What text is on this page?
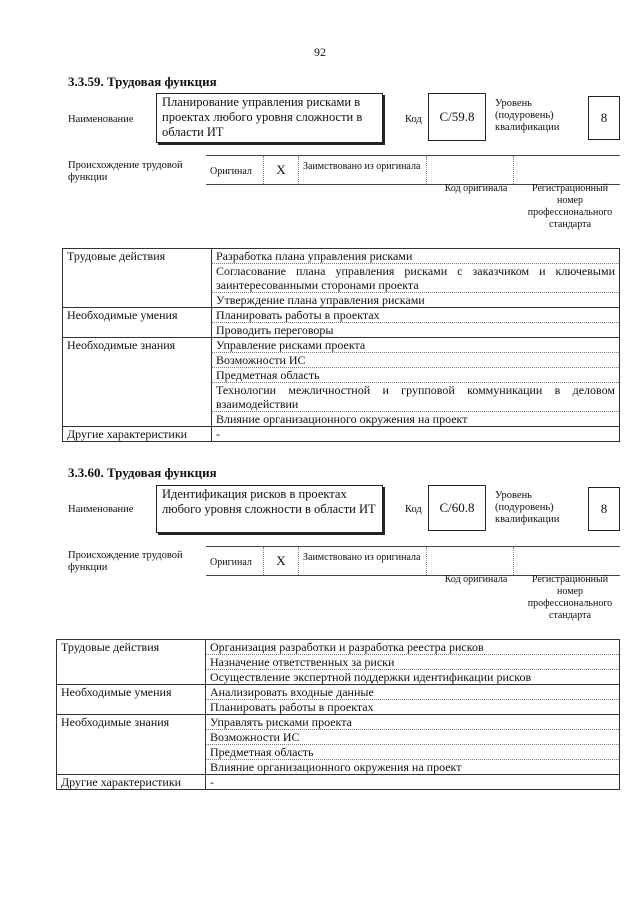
92
3.3.59. Трудовая функция
Наименование
Планирование управления рисками в проектах любого уровня сложности в области ИТ
Код	C/59.8
Уровень (подуровень) квалификации
8
Происхождение трудовой функции
Оригинал	X	Заимствовано из оригинала
Код оригинала	Регистрационный номер профессионального стандарта
Трудовые действия	Разработка плана управления рисками
	Согласование плана управления рисками с заказчиком и ключевыми заинтересованными сторонами проекта
	Утверждение плана управления рисками
Необходимые умения	Планировать работы в проектах
	Проводить переговоры
Необходимые знания	Управление рисками проекта
	Возможности ИС
	Предметная область
	Технологии межличностной и групповой коммуникации в деловом взаимодействии
	Влияние организационного окружения на проект
Другие характеристики	-
3.3.60. Трудовая функция
Наименование
Идентификация рисков в проектах любого уровня сложности в области ИТ	Код	C/60.8
Уровень (подуровень) квалификации
8
Происхождение трудовой функции	Оригинал	X	Заимствовано из оригинала
Код оригинала	Регистрационный номер профессионального стандарта
Трудовые действия	Организация разработки и разработка реестра рисков
	Назначение ответственных за риски
	Осуществление экспертной поддержки идентификации рисков
Необходимые умения	Анализировать входные данные
	Планировать работы в проектах
Необходимые знания	Управлять рисками проекта
	Возможности ИС
	Предметная область
	Влияние организационного окружения на проект
Другие характеристики	-
